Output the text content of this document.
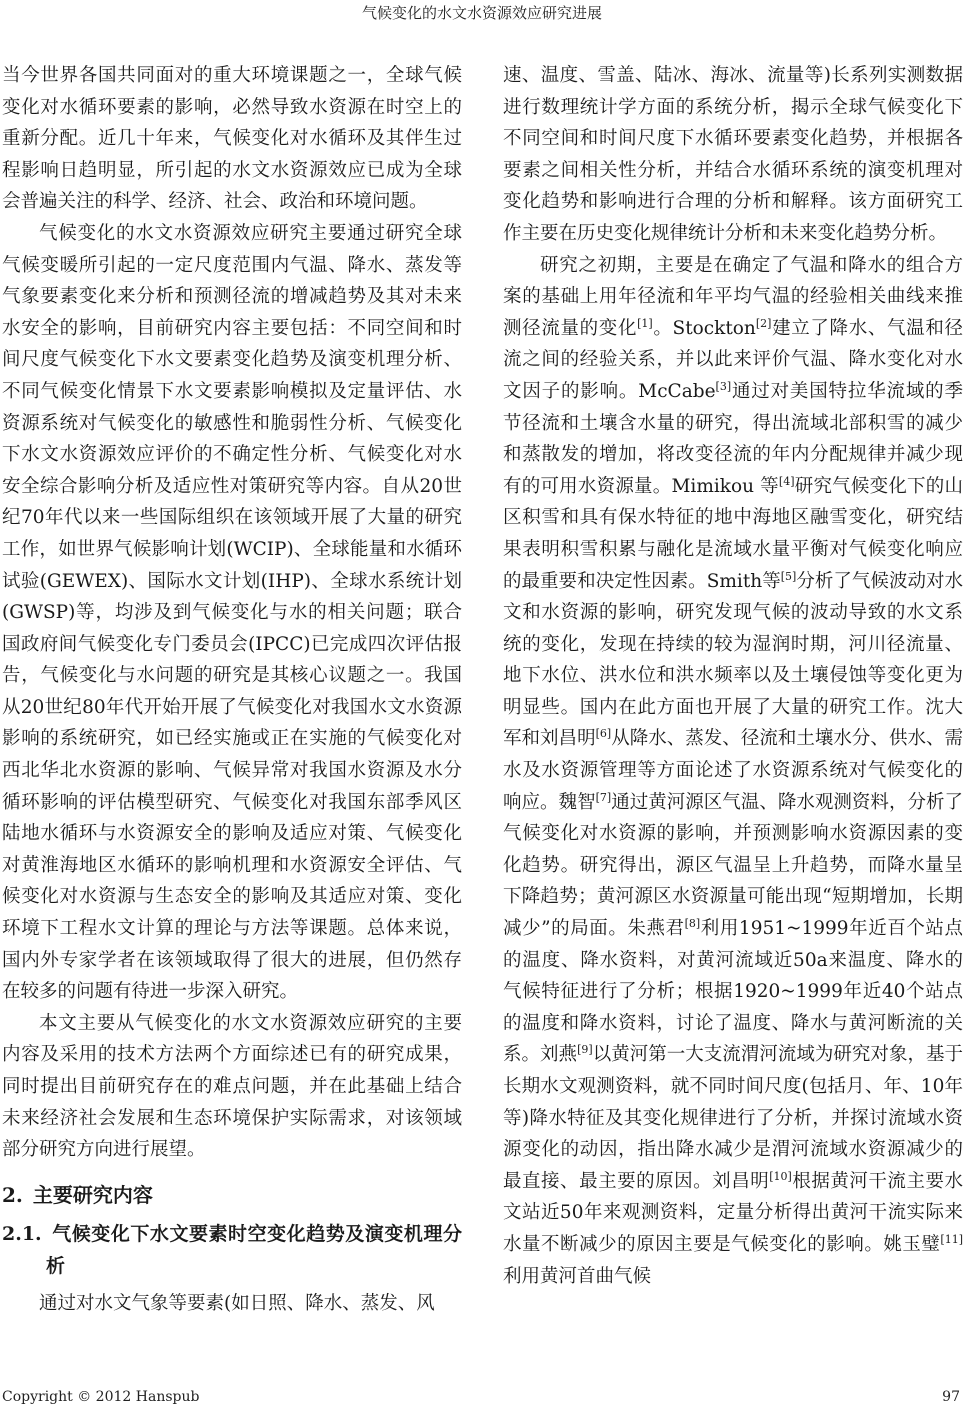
气候变化的水文水资源效应研究进展

当今世界各国共同面对的重大环境课题之一，全球气候变化对水循环要素的影响，必然导致水资源在时空上的重新分配。近几十年来，气候变化对水循环及其伴生过程影响日趋明显，所引起的水文水资源效应已成为全球会普遍关注的科学、经济、社会、政治和环境问题。

气候变化的水文水资源效应研究主要通过研究全球气候变暖所引起的一定尺度范围内气温、降水、蒸发等气象要素变化来分析和预测径流的增减趋势及其对未来水安全的影响，目前研究内容主要包括：不同空间和时间尺度气候变化下水文要素变化趋势及演变机理分析、不同气候变化情景下水文要素影响模拟及定量评估、水资源系统对气候变化的敏感性和脆弱性分析、气候变化下水文水资源效应评价的不确定性分析、气候变化对水安全综合影响分析及适应性对策研究等内容。自从20世纪70年代以来一些国际组织在该领域开展了大量的研究工作，如世界气候影响计划(WCIP)、全球能量和水循环试验(GEWEX)、国际水文计划(IHP)、全球水系统计划(GWSP)等，均涉及到气候变化与水的相关问题；联合国政府间气候变化专门委员会(IPCC)已完成四次评估报告，气候变化与水问题的研究是其核心议题之一。我国从20世纪80年代开始开展了气候变化对我国水文水资源影响的系统研究，如已经实施或正在实施的气候变化对西北华北水资源的影响、气候异常对我国水资源及水分循环影响的评估模型研究、气候变化对我国东部季风区陆地水循环与水资源安全的影响及适应对策、气候变化对黄淮海地区水循环的影响机理和水资源安全评估、气候变化对水资源与生态安全的影响及其适应对策、变化环境下工程水文计算的理论与方法等课题。总体来说，国内外专家学者在该领域取得了很大的进展，但仍然存在较多的问题有待进一步深入研究。

本文主要从气候变化的水文水资源效应研究的主要内容及采用的技术方法两个方面综述已有的研究成果，同时提出目前研究存在的难点问题，并在此基础上结合未来经济社会发展和生态环境保护实际需求，对该领域部分研究方向进行展望。

2. 主要研究内容
2.1. 气候变化下水文要素时空变化趋势及演变机理分析

通过对水文气象等要素(如日照、降水、蒸发、风

速、温度、雪盖、陆冰、海冰、流量等)长系列实测数据进行数理统计学方面的系统分析，揭示全球气候变化下不同空间和时间尺度下水循环要素变化趋势，并根据各要素之间相关性分析，并结合水循环系统的演变机理对变化趋势和影响进行合理的分析和解释。该方面研究工作主要在历史变化规律统计分析和未来变化趋势分析。

研究之初期，主要是在确定了气温和降水的组合方案的基础上用年径流和年平均气温的经验相关曲线来推测径流量的变化[1]。Stockton[2]建立了降水、气温和径流之间的经验关系，并以此来评价气温、降水变化对水文因子的影响。McCabe[3]通过对美国特拉华流域的季节径流和土壤含水量的研究，得出流域北部积雪的减少和蒸散发的增加，将改变径流的年内分配规律并减少现有的可用水资源量。Mimikou 等[4]研究气候变化下的山区积雪和具有保水特征的地中海地区融雪变化，研究结果表明积雪积累与融化是流域水量平衡对气候变化响应的最重要和决定性因素。Smith等[5]分析了气候波动对水文和水资源的影响，研究发现气候的波动导致的水文系统的变化，发现在持续的较为湿润时期，河川径流量、地下水位、洪水位和洪水频率以及土壤侵蚀等变化更为明显些。国内在此方面也开展了大量的研究工作。沈大军和刘昌明[6]从降水、蒸发、径流和土壤水分、供水、需水及水资源管理等方面论述了水资源系统对气候变化的响应。魏智[7]通过黄河源区气温、降水观测资料，分析了气候变化对水资源的影响，并预测影响水资源因素的变化趋势。研究得出，源区气温呈上升趋势，而降水量呈下降趋势；黄河源区水资源量可能出现“短期增加，长期减少”的局面。朱燕君[8]利用1951~1999年近百个站点的温度、降水资料，对黄河流域近50a来温度、降水的气候特征进行了分析；根据1920~1999年近40个站点的温度和降水资料，讨论了温度、降水与黄河断流的关系。刘燕[9]以黄河第一大支流渭河流域为研究对象，基于长期水文观测资料，就不同时间尺度(包括月、年、10年等)降水特征及其变化规律进行了分析，并探讨流域水资源变化的动因，指出降水减少是渭河流域水资源减少的最直接、最主要的原因。刘昌明[10]根据黄河干流主要水文站近50年来观测资料，定量分析得出黄河干流实际来水量不断减少的原因主要是气候变化的影响。姚玉璧[11]利用黄河首曲气候

Copyright © 2012 Hanspub	97
